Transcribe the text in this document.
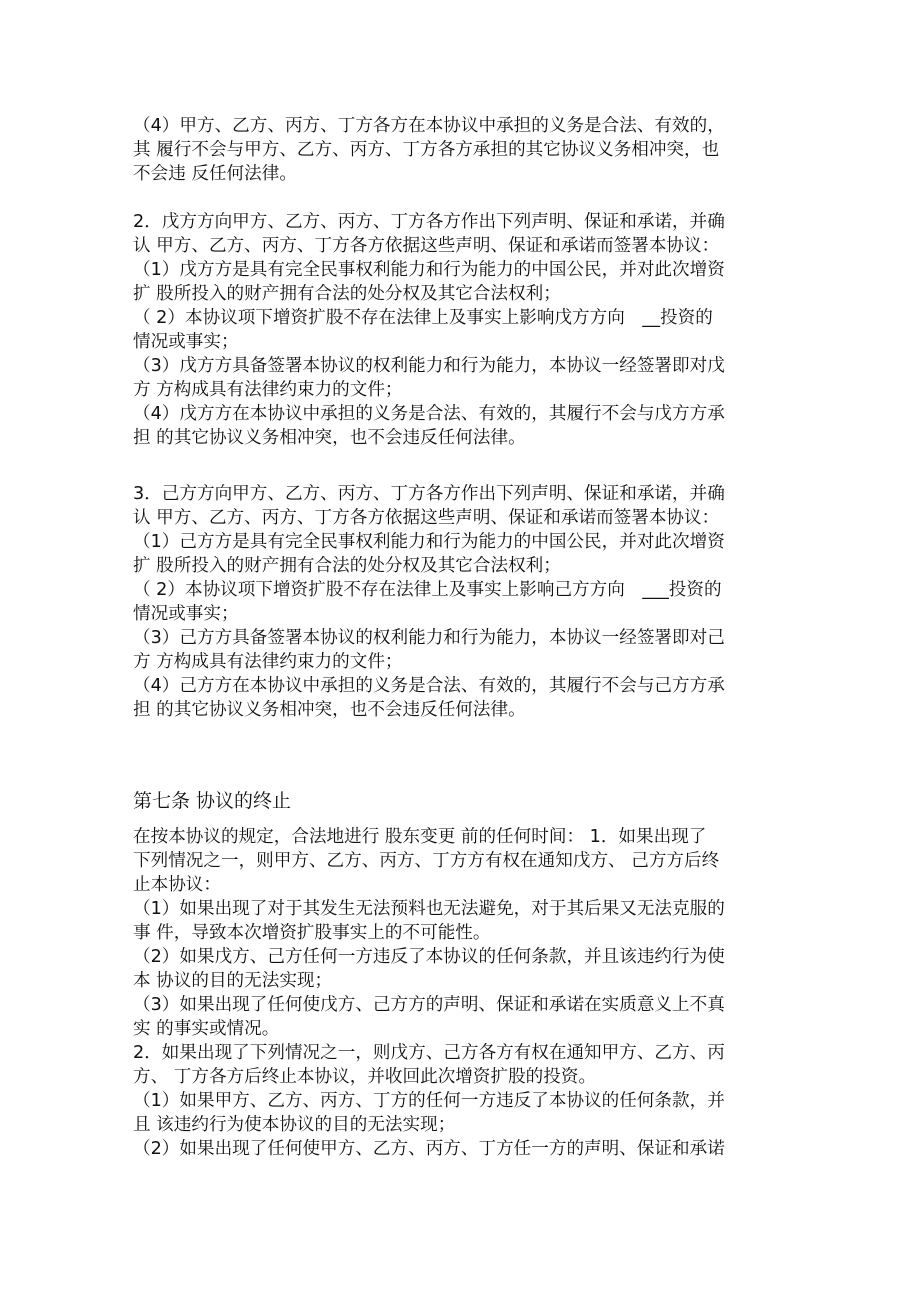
（4）甲方、乙方、丙方、丁方各方在本协议中承担的义务是合法、有效的，
其 履行不会与甲方、乙方、丙方、丁方各方承担的其它协议义务相冲突，也
不会违 反任何法律。
2．戊方方向甲方、乙方、丙方、丁方各方作出下列声明、保证和承诺，并确
认 甲方、乙方、丙方、丁方各方依据这些声明、保证和承诺而签署本协议：
（1）戊方方是具有完全民事权利能力和行为能力的中国公民，并对此次增资
扩 股所投入的财产拥有合法的处分权及其它合法权利；
（ 2）本协议项下增资扩股不存在法律上及事实上影响戊方方向　__投资的
情况或事实；
（3）戊方方具备签署本协议的权利能力和行为能力，本协议一经签署即对戊
方 方构成具有法律约束力的文件；
（4）戊方方在本协议中承担的义务是合法、有效的，其履行不会与戊方方承
担 的其它协议义务相冲突，也不会违反任何法律。
3．己方方向甲方、乙方、丙方、丁方各方作出下列声明、保证和承诺，并确
认 甲方、乙方、丙方、丁方各方依据这些声明、保证和承诺而签署本协议：
（1）己方方是具有完全民事权利能力和行为能力的中国公民，并对此次增资
扩 股所投入的财产拥有合法的处分权及其它合法权利；
（ 2）本协议项下增资扩股不存在法律上及事实上影响己方方向　___投资的
情况或事实；
（3）己方方具备签署本协议的权利能力和行为能力，本协议一经签署即对己
方 方构成具有法律约束力的文件；
（4）己方方在本协议中承担的义务是合法、有效的，其履行不会与己方方承
担 的其它协议义务相冲突，也不会违反任何法律。
第七条 协议的终止
在按本协议的规定，合法地进行 股东变更 前的任何时间： 1．如果出现了
下列情况之一，则甲方、乙方、丙方、丁方方有权在通知戊方、 己方方后终
止本协议：
（1）如果出现了对于其发生无法预料也无法避免，对于其后果又无法克服的
事 件，导致本次增资扩股事实上的不可能性。
（2）如果戊方、己方任何一方违反了本协议的任何条款，并且该违约行为使
本 协议的目的无法实现；
（3）如果出现了任何使戊方、己方方的声明、保证和承诺在实质意义上不真
实 的事实或情况。
2．如果出现了下列情况之一，则戊方、己方各方有权在通知甲方、乙方、丙
方、 丁方各方后终止本协议，并收回此次增资扩股的投资。
（1）如果甲方、乙方、丙方、丁方的任何一方违反了本协议的任何条款，并
且 该违约行为使本协议的目的无法实现；
（2）如果出现了任何使甲方、乙方、丙方、丁方任一方的声明、保证和承诺
